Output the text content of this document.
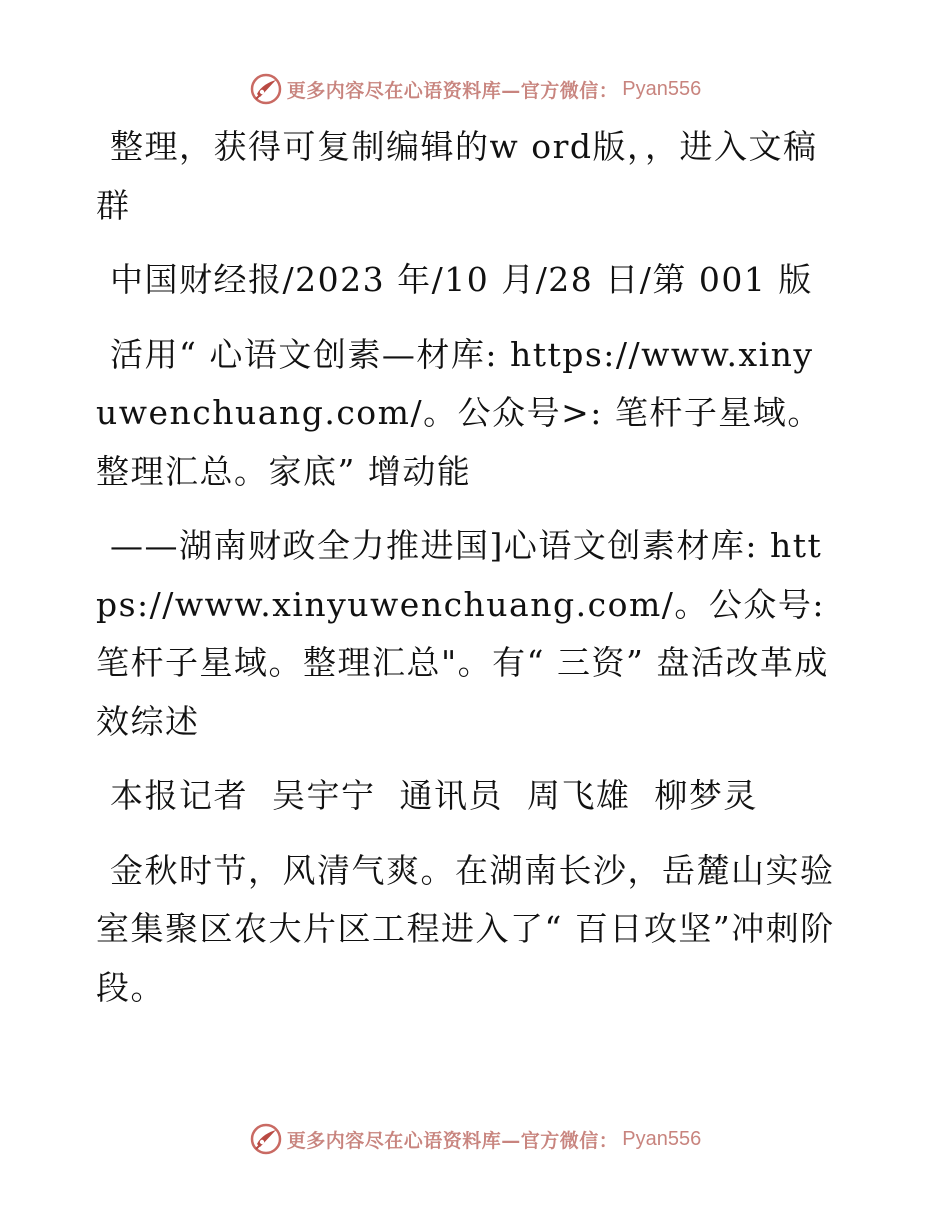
更多内容尽在心语资料库—官方微信： Pyan556

整理，获得可复制编辑的w ord版，，进入文稿群

中国财经报/2023 年/10 月/28 日/第 001 版

活用“ 心语文创素—材库: https://www.xinyuwenchuang.com/。公众号>: 笔杆子星域。整理汇总。家底” 增动能

——湖南财政全力推进国]心语文创素材库: https://www.xinyuwenchuang.com/。公众号: 笔杆子星域。整理汇总"。有“ 三资” 盘活改革成效综述

本报记者  吴宇宁  通讯员  周飞雄  柳梦灵

金秋时节，风清气爽。在湖南长沙，岳麓山实验室集聚区农大片区工程进入了“ 百日攻坚”冲刺阶段。

更多内容尽在心语资料库—官方微信： Pyan556
